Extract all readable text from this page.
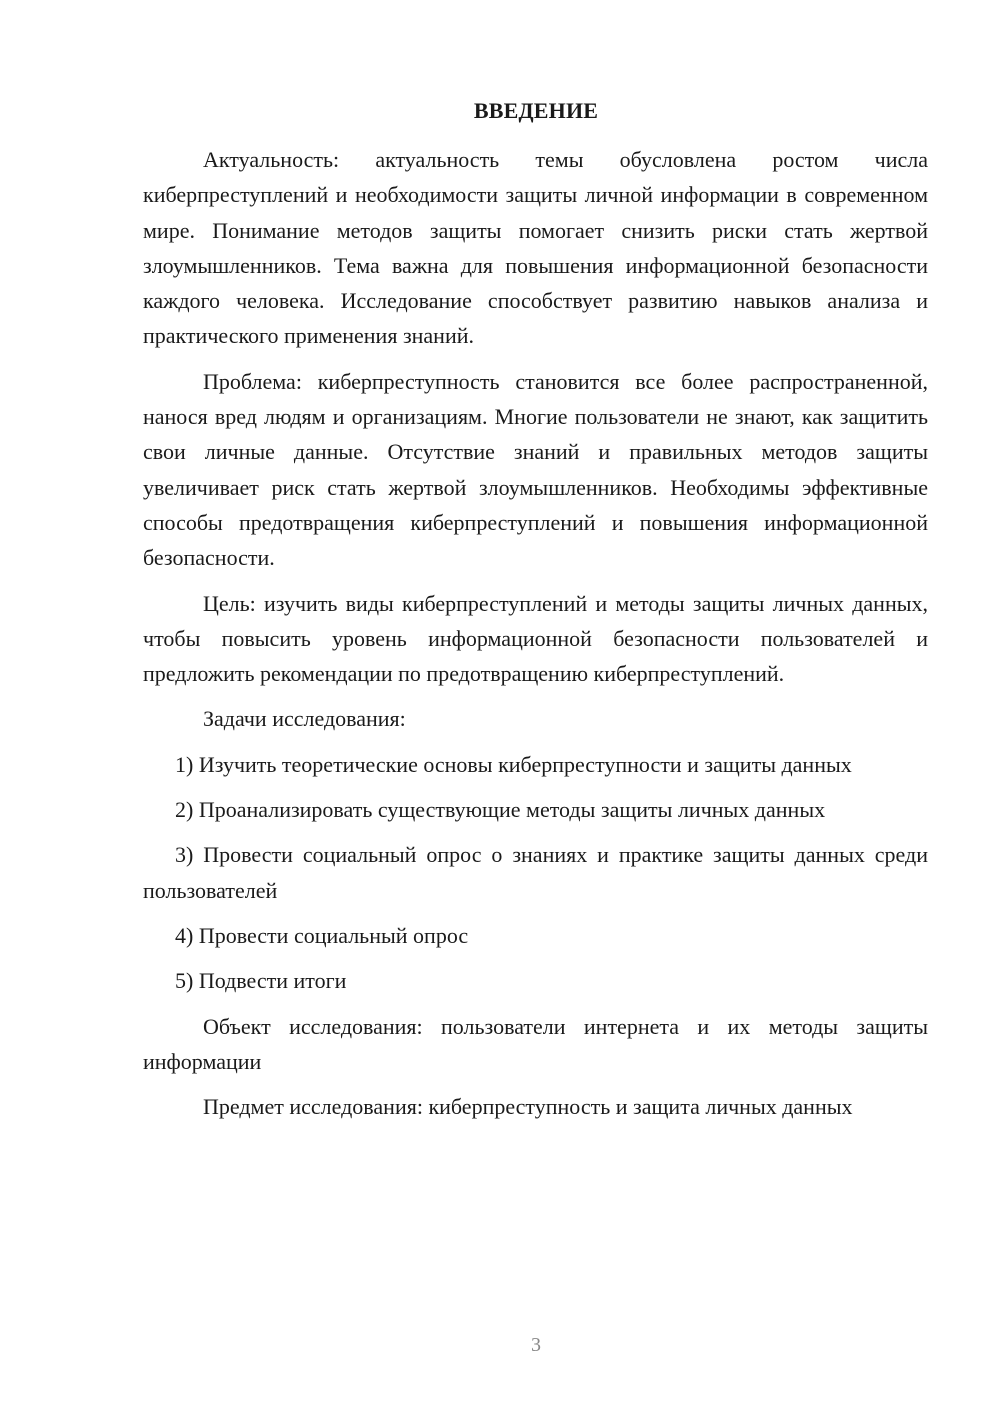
ВВЕДЕНИЕ

Актуальность: актуальность темы обусловлена ростом числа киберпреступлений и необходимости защиты личной информации в современном мире. Понимание методов защиты помогает снизить риски стать жертвой злоумышленников. Тема важна для повышения информационной безопасности каждого человека. Исследование способствует развитию навыков анализа и практического применения знаний.

Проблема: киберпреступность становится все более распространенной, нанося вред людям и организациям. Многие пользователи не знают, как защитить свои личные данные. Отсутствие знаний и правильных методов защиты увеличивает риск стать жертвой злоумышленников. Необходимы эффективные способы предотвращения киберпреступлений и повышения информационной безопасности.

Цель: изучить виды киберпреступлений и методы защиты личных данных, чтобы повысить уровень информационной безопасности пользователей и предложить рекомендации по предотвращению киберпреступлений.

Задачи исследования:

1) Изучить теоретические основы киберпреступности и защиты данных

2) Проанализировать существующие методы защиты личных данных

3) Провести социальный опрос о знаниях и практике защиты данных среди пользователей

4) Провести социальный опрос

5) Подвести итоги

Объект исследования: пользователи интернета и их методы защиты информации

Предмет исследования: киберпреступность и защита личных данных

3
